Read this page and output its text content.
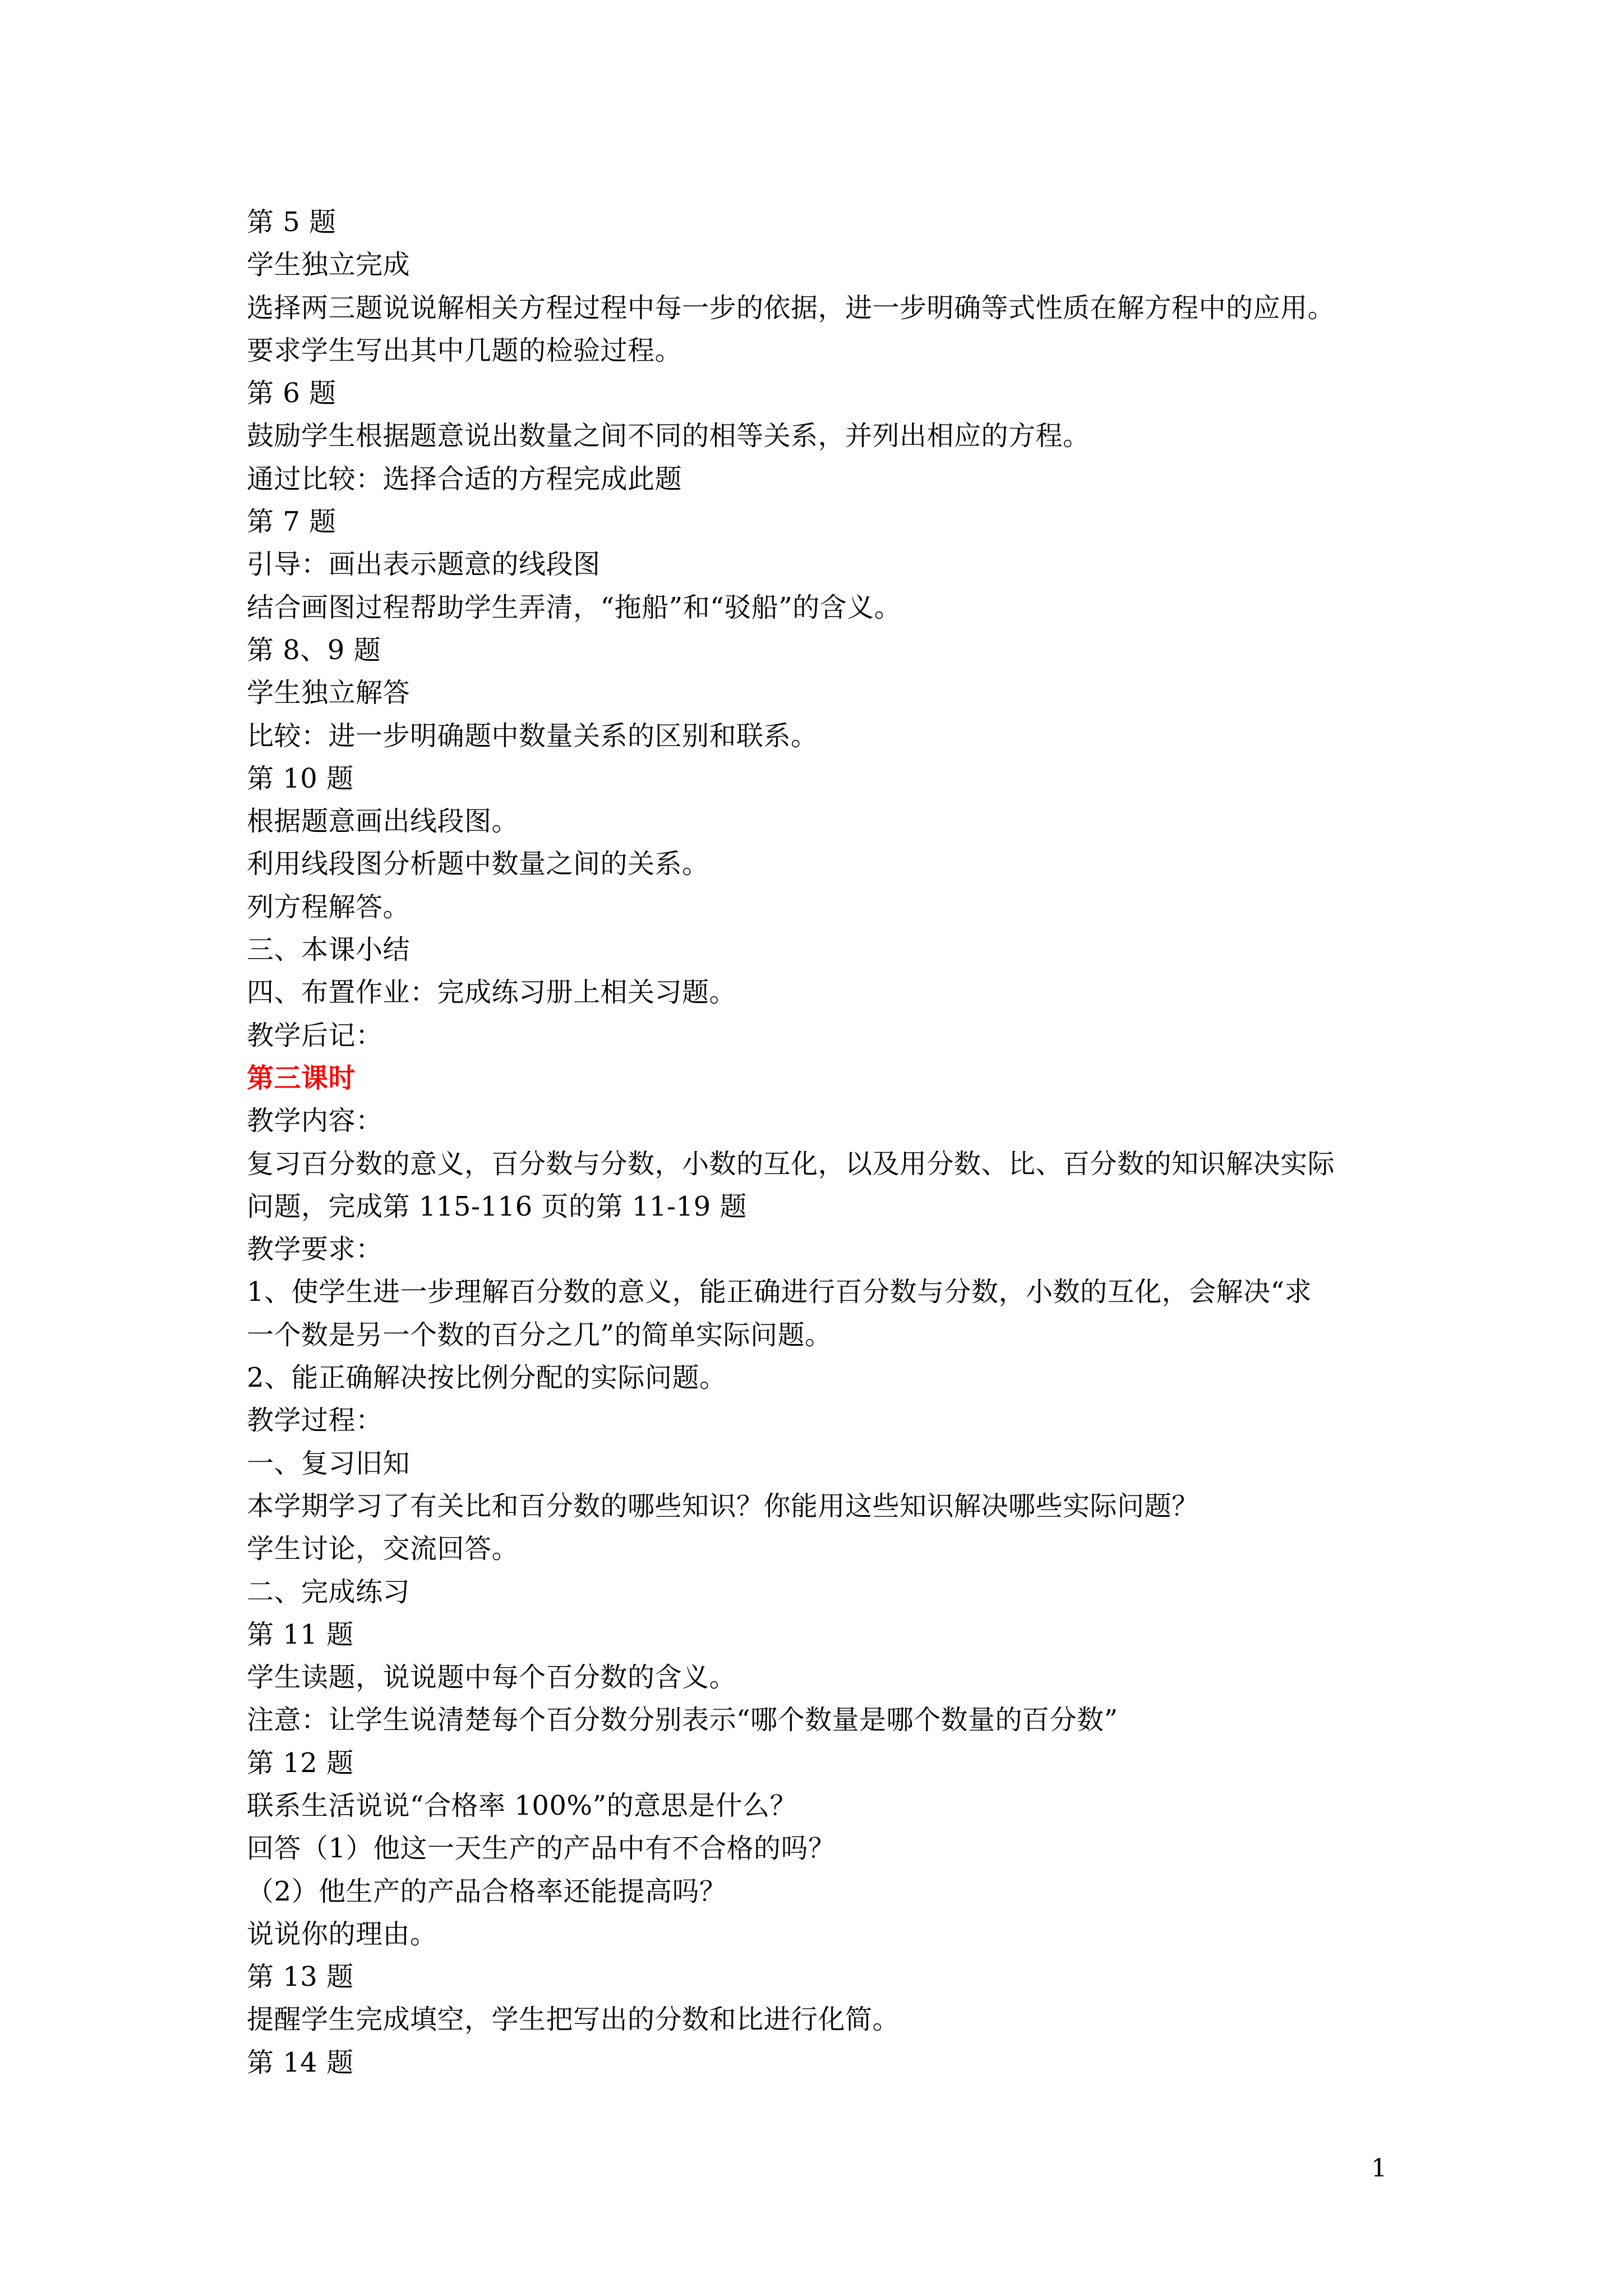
第 5 题
学生独立完成
选择两三题说说解相关方程过程中每一步的依据，进一步明确等式性质在解方程中的应用。
要求学生写出其中几题的检验过程。
第 6 题
鼓励学生根据题意说出数量之间不同的相等关系，并列出相应的方程。
通过比较：选择合适的方程完成此题
第 7 题
引导：画出表示题意的线段图
结合画图过程帮助学生弄清，“拖船”和“驳船”的含义。
第 8、9 题
学生独立解答
比较：进一步明确题中数量关系的区别和联系。
第 10 题
根据题意画出线段图。
利用线段图分析题中数量之间的关系。
列方程解答。
三、本课小结
四、布置作业：完成练习册上相关习题。
教学后记：
第三课时
教学内容：
复习百分数的意义，百分数与分数，小数的互化，以及用分数、比、百分数的知识解决实际
问题，完成第 115-116 页的第 11-19 题
教学要求：
1、使学生进一步理解百分数的意义，能正确进行百分数与分数，小数的互化，会解决“求
一个数是另一个数的百分之几”的简单实际问题。
2、能正确解决按比例分配的实际问题。
教学过程：
一、复习旧知
本学期学习了有关比和百分数的哪些知识？你能用这些知识解决哪些实际问题？
学生讨论，交流回答。
二、完成练习
第 11 题
学生读题，说说题中每个百分数的含义。
注意：让学生说清楚每个百分数分别表示“哪个数量是哪个数量的百分数”
第 12 题
联系生活说说“合格率 100%”的意思是什么？
回答（1）他这一天生产的产品中有不合格的吗？
（2）他生产的产品合格率还能提高吗？
说说你的理由。
第 13 题
提醒学生完成填空，学生把写出的分数和比进行化简。
第 14 题
1
